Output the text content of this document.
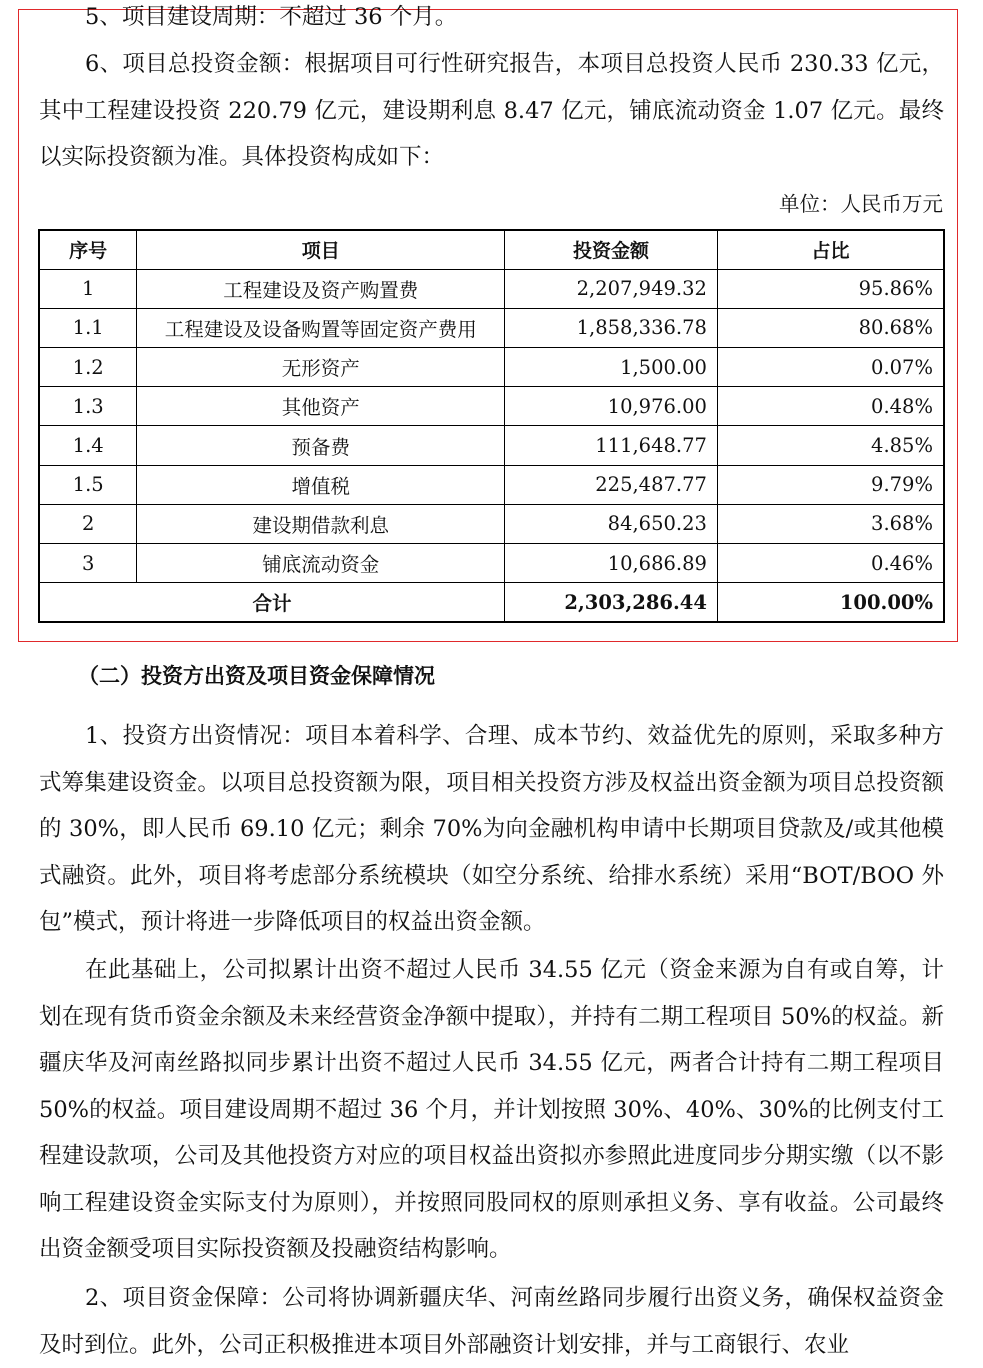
5、项目建设周期：不超过 36 个月。

6、项目总投资金额：根据项目可行性研究报告，本项目总投资人民币 230.33 亿元，其中工程建设投资 220.79 亿元，建设期利息 8.47 亿元，铺底流动资金 1.07 亿元。最终以实际投资额为准。具体投资构成如下：

单位：人民币万元
序号	项目	投资金额	占比
1	工程建设及资产购置费	2,207,949.32	95.86%
1.1	工程建设及设备购置等固定资产费用	1,858,336.78	80.68%
1.2	无形资产	1,500.00	0.07%
1.3	其他资产	10,976.00	0.48%
1.4	预备费	111,648.77	4.85%
1.5	增值税	225,487.77	9.79%
2	建设期借款利息	84,650.23	3.68%
3	铺底流动资金	10,686.89	0.46%
合计		2,303,286.44	100.00%
（二）投资方出资及项目资金保障情况

1、投资方出资情况：项目本着科学、合理、成本节约、效益优先的原则，采取多种方式筹集建设资金。以项目总投资额为限，项目相关投资方涉及权益出资金额为项目总投资额的 30%，即人民币 69.10 亿元；剩余 70%为向金融机构申请中长期项目贷款及/或其他模式融资。此外，项目将考虑部分系统模块（如空分系统、给排水系统）采用“BOT/BOO 外包”模式，预计将进一步降低项目的权益出资金额。

在此基础上，公司拟累计出资不超过人民币 34.55 亿元（资金来源为自有或自筹，计划在现有货币资金余额及未来经营资金净额中提取），并持有二期工程项目 50%的权益。新疆庆华及河南丝路拟同步累计出资不超过人民币 34.55 亿元，两者合计持有二期工程项目 50%的权益。项目建设周期不超过 36 个月，并计划按照 30%、40%、30%的比例支付工程建设款项，公司及其他投资方对应的项目权益出资拟亦参照此进度同步分期实缴（以不影响工程建设资金实际支付为原则），并按照同股同权的原则承担义务、享有收益。公司最终出资金额受项目实际投资额及投融资结构影响。

2、项目资金保障：公司将协调新疆庆华、河南丝路同步履行出资义务，确保权益资金及时到位。此外，公司正积极推进本项目外部融资计划安排，并与工商银行、农业
